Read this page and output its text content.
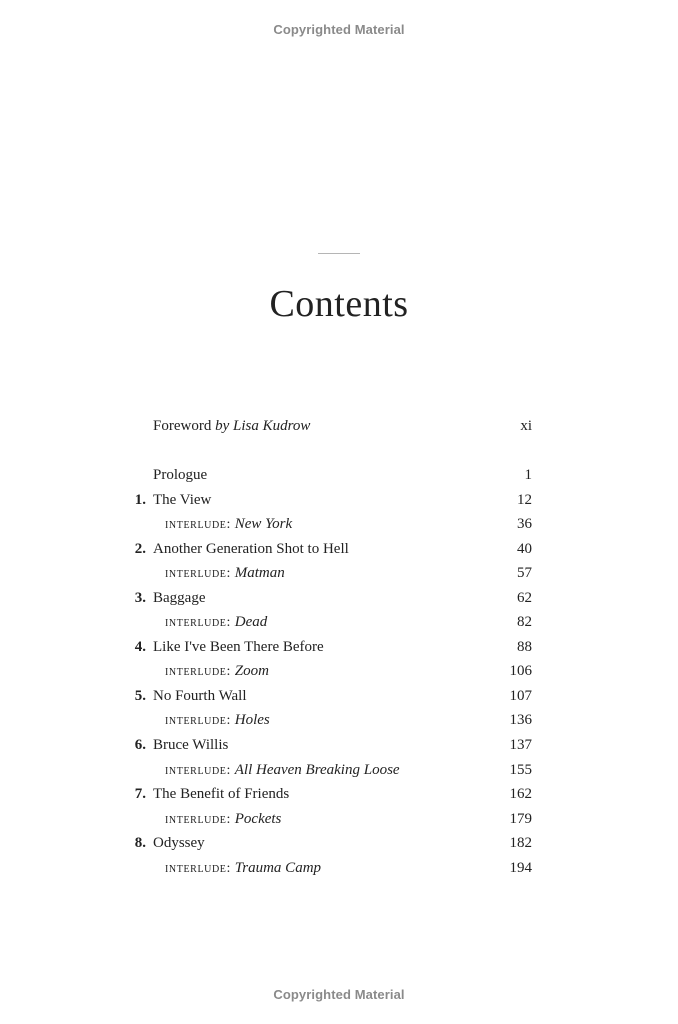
Copyrighted Material
Contents
Foreword by Lisa Kudrow	xi
Prologue	1
1. The View	12
interlude: New York	36
2. Another Generation Shot to Hell	40
interlude: Matman	57
3. Baggage	62
interlude: Dead	82
4. Like I've Been There Before	88
interlude: Zoom	106
5. No Fourth Wall	107
interlude: Holes	136
6. Bruce Willis	137
interlude: All Heaven Breaking Loose	155
7. The Benefit of Friends	162
interlude: Pockets	179
8. Odyssey	182
interlude: Trauma Camp	194
Copyrighted Material
